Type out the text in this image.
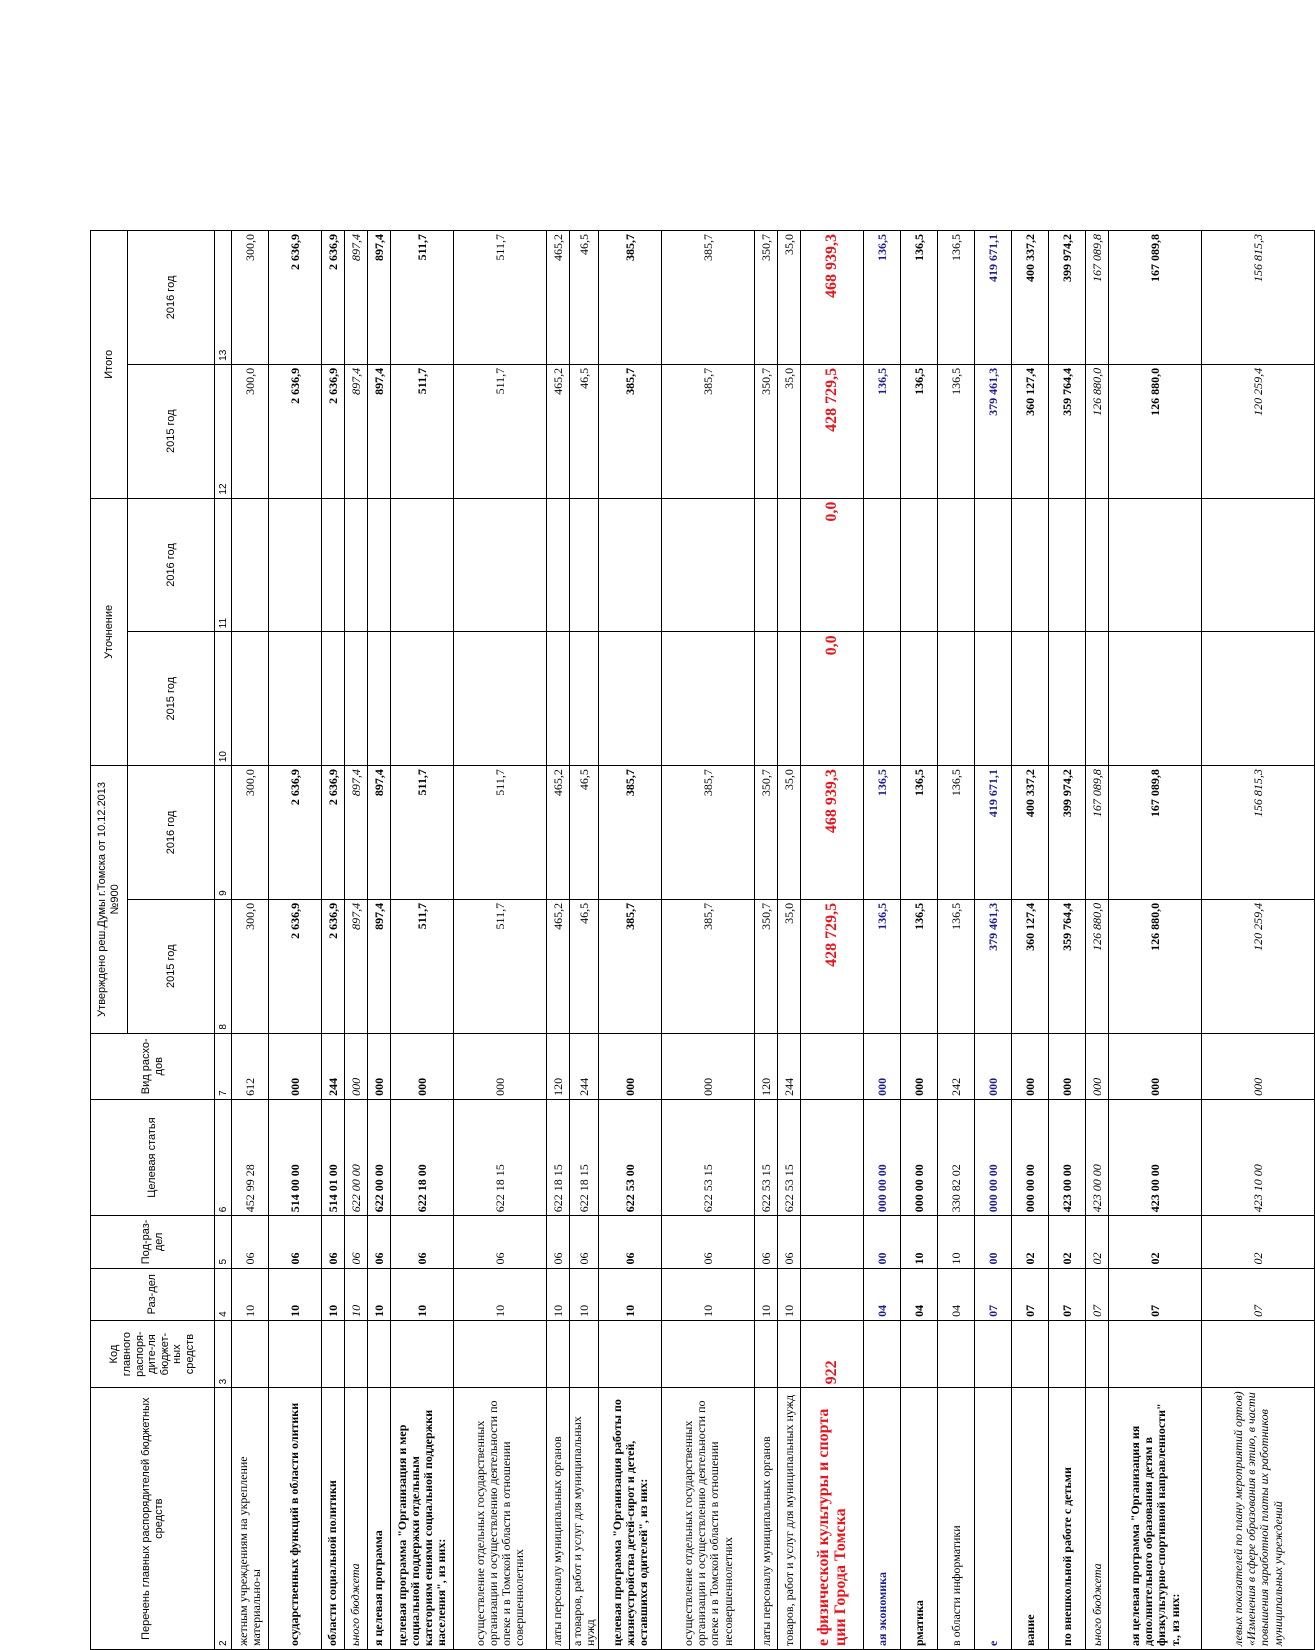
Перечень главных распорядителей бюджетных средств	Код главного распоря-дите-ля бюджет-ных средств	Раз-дел	Под-раз-дел	Целевая статья	Вид расхо-дов	Утверждено реш.Думы г.Томска от 10.12.2013 №900		Уточнение		Итого	
						2015 год	2016 год	2015 год	2016 год	2015 год	2016 год
2	3	4	5	6	7	8	9	10	11	12	13
жетным учреждениям на укрепление материально-ы		10	06	452 99 28	612	300,0	300,0			300,0	300,0
осударственных функций в области олитики		10	06	514 00 00	000	2 636,9	2 636,9			2 636,9	2 636,9
области социальной политики		10	06	514 01 00	244	2 636,9	2 636,9			2 636,9	2 636,9
ьного бюджета		10	06	622 00 00	000	897,4	897,4			897,4	897,4
я целевая программа		10	06	622 00 00	000	897,4	897,4			897,4	897,4
целевая программа "Организация и мер социальной поддержки отдельным категориям ениями социальной поддержки населения", из них:		10	06	622 18 00	000	511,7	511,7			511,7	511,7
осуществление отдельных государственных организации и осуществлению деятельности по опеке и в Томской области в отношении совершеннолетних		10	06	622 18 15	000	511,7	511,7			511,7	511,7
латы персоналу муниципальных органов		10	06	622 18 15	120	465,2	465,2			465,2	465,2
а товаров, работ и услуг для муниципальных нужд		10	06	622 18 15	244	46,5	46,5			46,5	46,5
целевая программа "Организация работы по жизнеустройства детей-сирот и детей, оставшихся одителей", из них:		10	06	622 53 00	000	385,7	385,7			385,7	385,7
осуществление отдельных государственных организации и осуществлению деятельности по опеке и в Томской области в отношении несовершеннолетних		10	06	622 53 15	000	385,7	385,7			385,7	385,7
латы персоналу муниципальных органов		10	06	622 53 15	120	350,7	350,7			350,7	350,7
товаров, работ и услуг для муниципальных нужд		10	06	622 53 15	244	35,0	35,0			35,0	35,0
е физической культуры и спорта ции Города Томска	922					428 729,5	468 939,3	0,0	0,0	428 729,5	468 939,3
ая экономика		04	00	000 00 00	000	136,5	136,5			136,5	136,5
рматика		04	10	000 00 00	000	136,5	136,5			136,5	136,5
в области информатики		04	10	330 82 02	242	136,5	136,5			136,5	136,5
е		07	00	000 00 00	000	379 461,3	419 671,1			379 461,3	419 671,1
вание		07	02	000 00 00	000	360 127,4	400 337,2			360 127,4	400 337,2
по внешкольной работе с детьми		07	02	423 00 00	000	359 764,4	399 974,2			359 764,4	399 974,2
ьного бюджета		07	02	423 00 00	000	126 880,0	167 089,8			126 880,0	167 089,8
ая целевая программа "Организация ия дополнительного образования детям в физкультурно-спортивной направленности" т., из них:		07	02	423 00 00	000	126 880,0	167 089,8			126 880,0	167 089,8
левых показателей по плану мероприятий ортов) «Изменения в сфере образования в этию, в части повышения заработной платы их работников муниципальных учреждений		07	02	423 10 00	000	120 259,4	156 815,3			120 259,4	156 815,3
